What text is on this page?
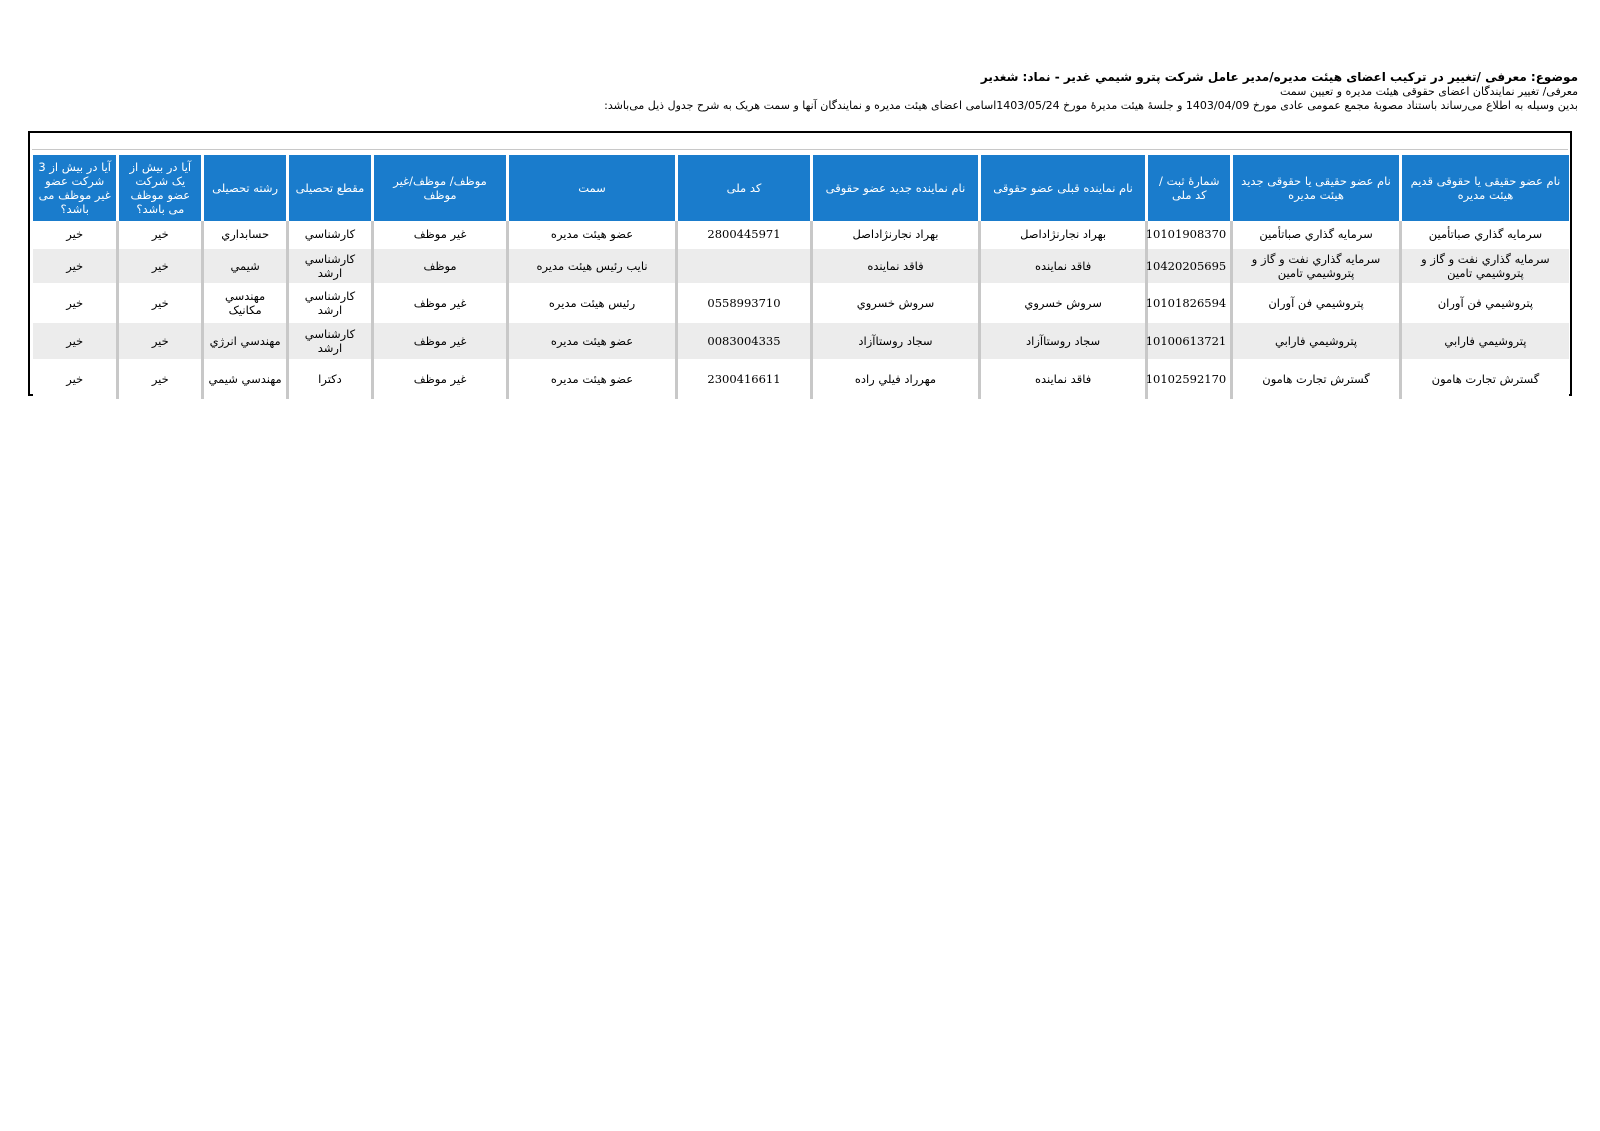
موضوع: معرفی /تغییر در ترکیب اعضای هیئت مدیره/مدیر عامل شرکت پترو شیمي غدیر - نماد: شغدیر
معرفی/ تغییر نمایندگان اعضای حقوقی هیئت مدیره و تعیین سمت
بدین وسیله به اطلاع می‌رساند باستناد مصوبهٔ مجمع عمومی عادی مورخ 1403/04/09 و جلسهٔ هیئت مدیرهٔ مورخ 1403/05/24اسامی اعضای هیئت مدیره و نمایندگان آنها و سمت هریک به شرح جدول ذیل می‌باشد:
نام عضو حقیقی یا حقوقی قدیم هیئت مدیره	نام عضو حقیقی یا حقوقی جدید هیئت مدیره	شمارهٔ ثبت / کد ملی	نام نماینده قبلی عضو حقوقی	نام نماینده جدید عضو حقوقی	کد ملی	سمت	موظف/ موظف/غیر موظف	مقطع تحصیلی	رشته تحصیلی	آیا در بیش از یک شرکت عضو موظف می باشد؟	آیا در بیش از 3 شرکت عضو غیر موظف می باشد؟
سرمایه گذاري صباتأمین	سرمایه گذاري صباتأمین	10101908370	بهراد نجارنژاداصل	بهراد نجارنژاداصل	2800445971	عضو هیئت مدیره	غیر موظف	کارشناسي	حسابداري	خیر	خیر
سرمایه گذاري نفت و گاز و پتروشیمي تامین	سرمایه گذاري نفت و گاز و پتروشیمي تامین	10420205695	فاقد نماینده	فاقد نماینده		نایب رئیس هیئت مدیره	موظف	کارشناسي ارشد	شیمي	خیر	خیر
پتروشیمي فن آوران	پتروشیمي فن آوران	10101826594	سروش خسروي	سروش خسروي	0558993710	رئیس هیئت مدیره	غیر موظف	کارشناسي ارشد	مهندسي مکانیک	خیر	خیر
پتروشیمي فارابي	پتروشیمي فارابي	10100613721	سجاد روستاآزاد	سجاد روستاآزاد	0083004335	عضو هیئت مدیره	غیر موظف	کارشناسي ارشد	مهندسي انرژي	خیر	خیر
گسترش تجارت هامون	گسترش تجارت هامون	10102592170	فاقد نماینده	مهرراد فیلي راده	2300416611	عضو هیئت مدیره	غیر موظف	دکترا	مهندسي شیمي	خیر	خیر
